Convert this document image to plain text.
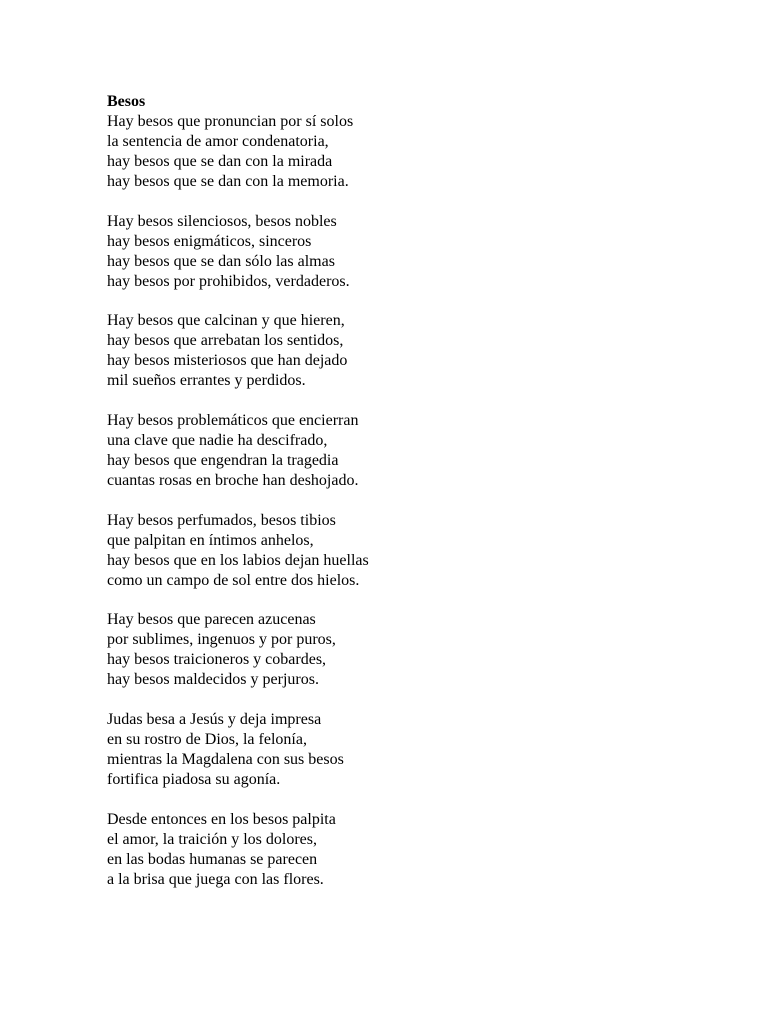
Besos
Hay besos que pronuncian por sí solos
la sentencia de amor condenatoria,
hay besos que se dan con la mirada
hay besos que se dan con la memoria.
Hay besos silenciosos, besos nobles
hay besos enigmáticos, sinceros
hay besos que se dan sólo las almas
hay besos por prohibidos, verdaderos.
Hay besos que calcinan y que hieren,
hay besos que arrebatan los sentidos,
hay besos misteriosos que han dejado
mil sueños errantes y perdidos.
Hay besos problemáticos que encierran
una clave que nadie ha descifrado,
hay besos que engendran la tragedia
cuantas rosas en broche han deshojado.
Hay besos perfumados, besos tibios
que palpitan en íntimos anhelos,
hay besos que en los labios dejan huellas
como un campo de sol entre dos hielos.
Hay besos que parecen azucenas
por sublimes, ingenuos y por puros,
hay besos traicioneros y cobardes,
hay besos maldecidos y perjuros.
Judas besa a Jesús y deja impresa
en su rostro de Dios, la felonía,
mientras la Magdalena con sus besos
fortifica piadosa su agonía.
Desde entonces en los besos palpita
el amor, la traición y los dolores,
en las bodas humanas se parecen
a la brisa que juega con las flores.
